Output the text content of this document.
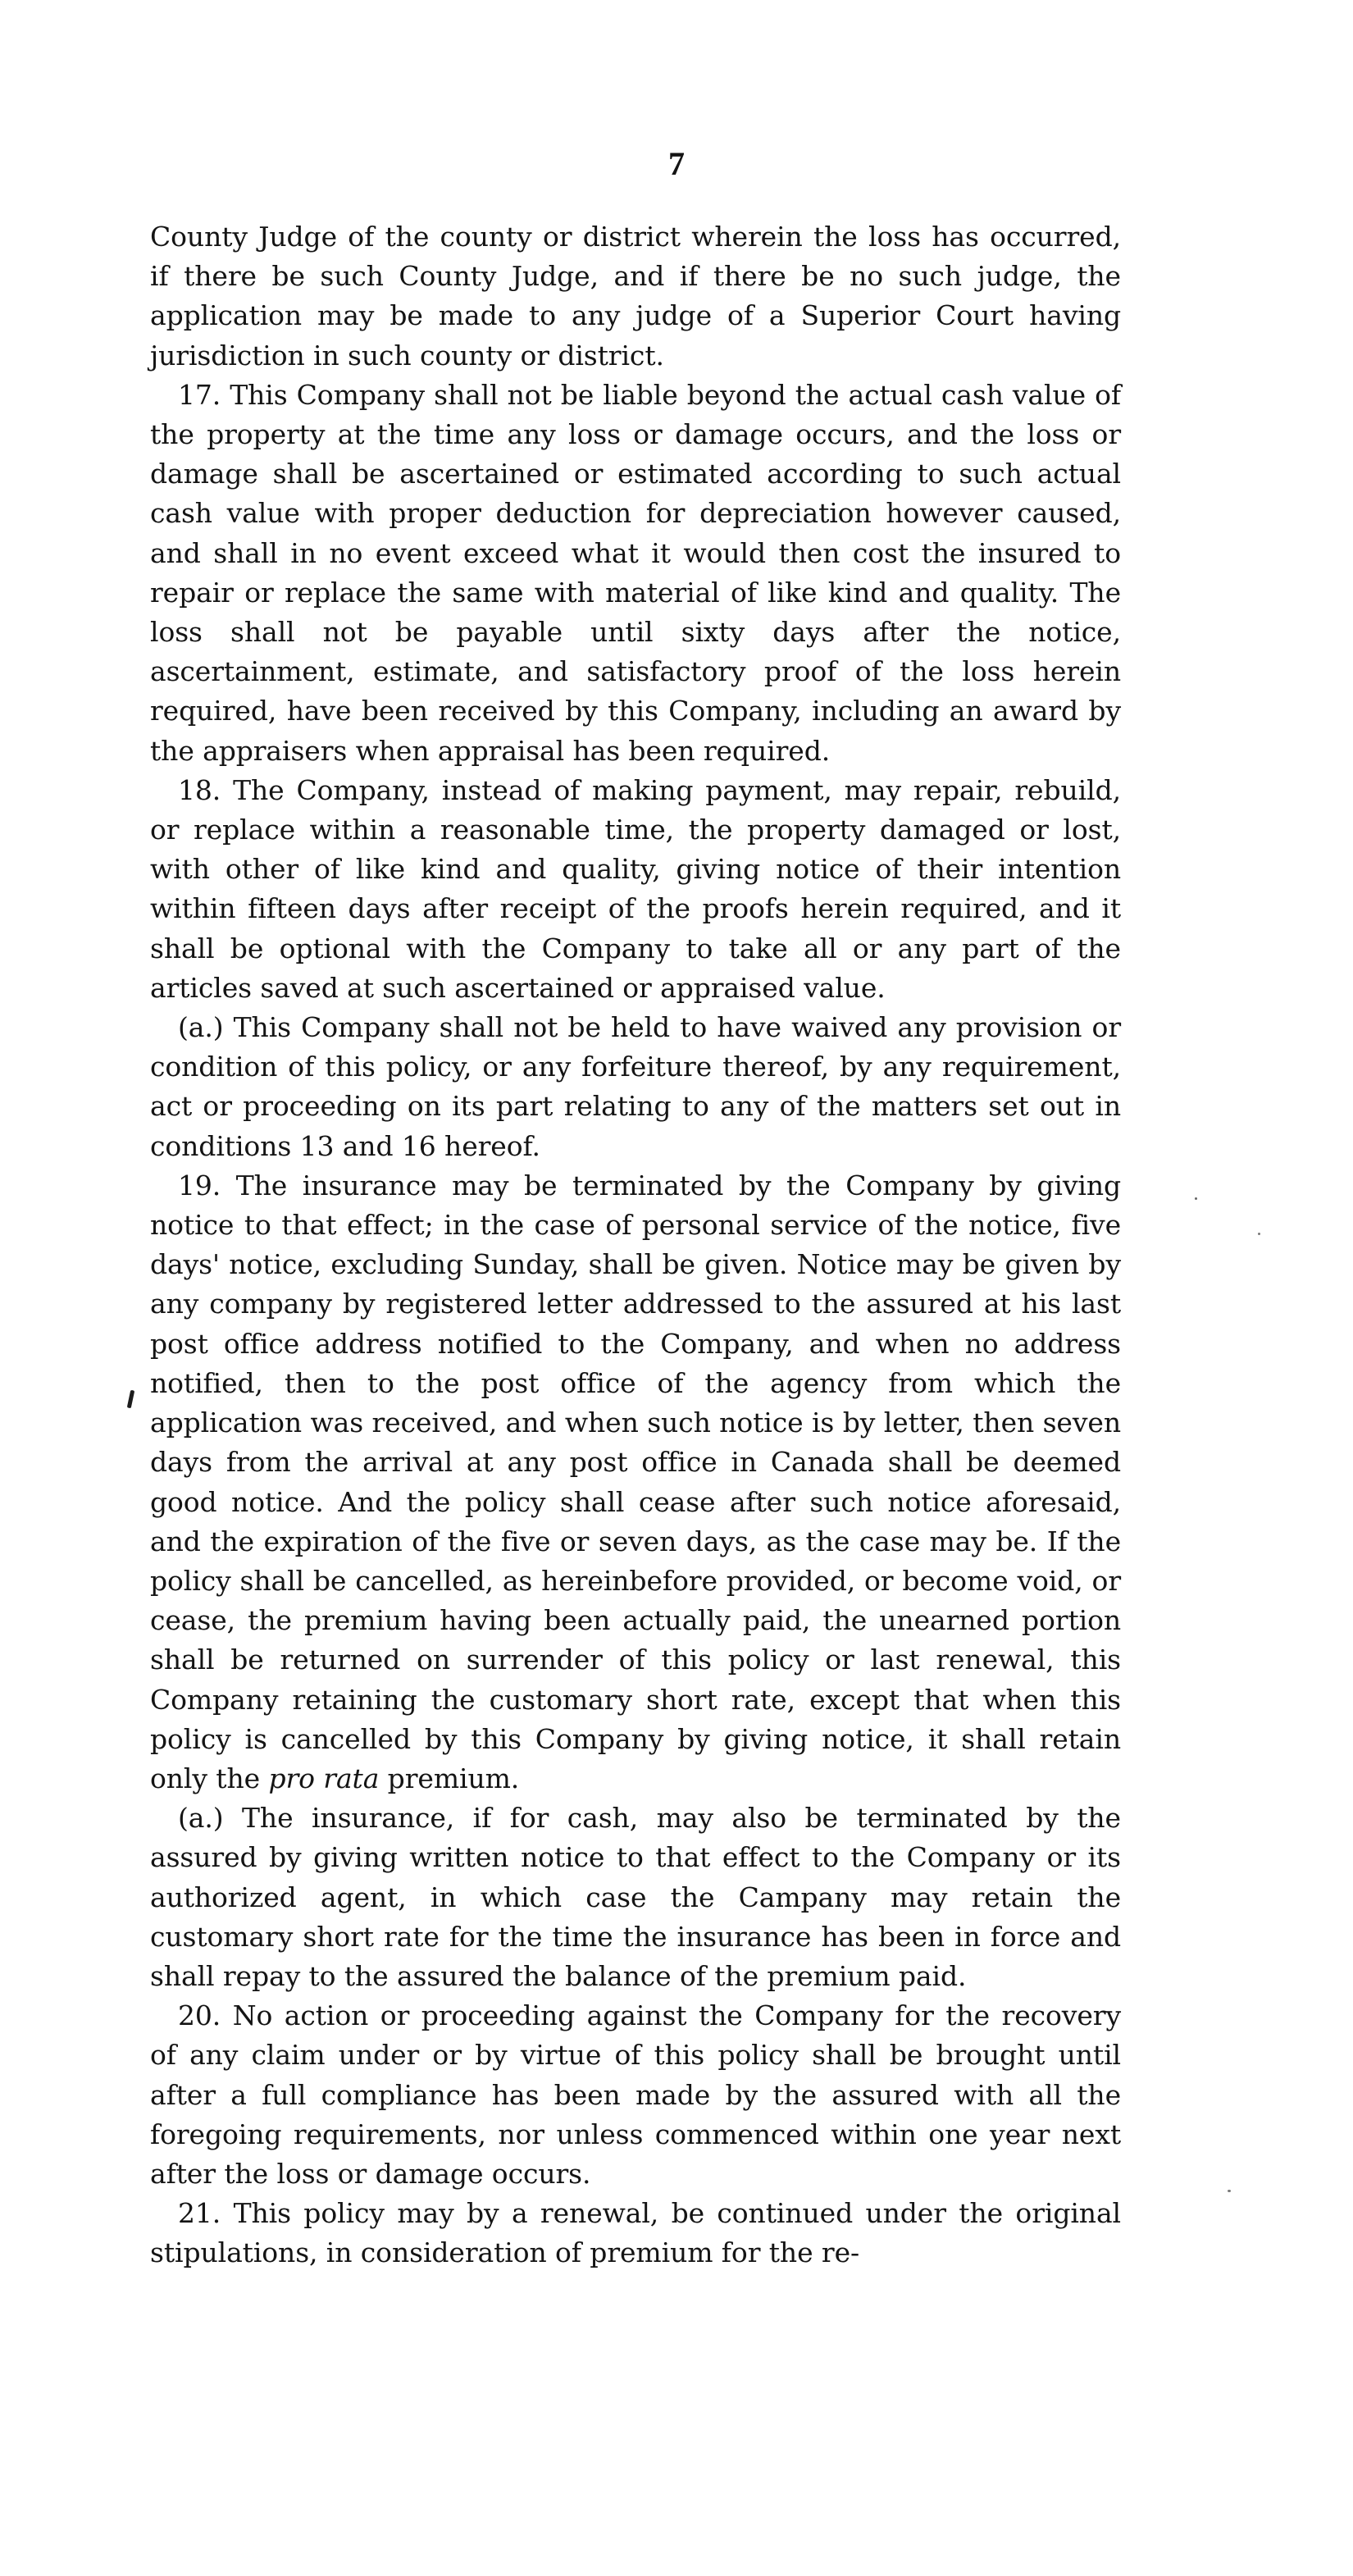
7

County Judge of the county or district wherein the loss has occurred, if there be such County Judge, and if there be no such judge, the application may be made to any judge of a Superior Court having jurisdiction in such county or district.

17. This Company shall not be liable beyond the actual cash value of the property at the time any loss or damage occurs, and the loss or damage shall be ascertained or estimated according to such actual cash value with proper deduction for depreciation however caused, and shall in no event exceed what it would then cost the insured to repair or replace the same with material of like kind and quality. The loss shall not be payable until sixty days after the notice, ascertainment, estimate, and satisfactory proof of the loss herein required, have been received by this Company, including an award by the appraisers when appraisal has been required.

18. The Company, instead of making payment, may repair, rebuild, or replace within a reasonable time, the property damaged or lost, with other of like kind and quality, giving notice of their intention within fifteen days after receipt of the proofs herein required, and it shall be optional with the Company to take all or any part of the articles saved at such ascertained or appraised value.

(a.) This Company shall not be held to have waived any provision or condition of this policy, or any forfeiture thereof, by any requirement, act or proceeding on its part relating to any of the matters set out in conditions 13 and 16 hereof.

19. The insurance may be terminated by the Company by giving notice to that effect; in the case of personal service of the notice, five days' notice, excluding Sunday, shall be given. Notice may be given by any company by registered letter addressed to the assured at his last post office address notified to the Company, and when no address notified, then to the post office of the agency from which the application was received, and when such notice is by letter, then seven days from the arrival at any post office in Canada shall be deemed good notice. And the policy shall cease after such notice aforesaid, and the expiration of the five or seven days, as the case may be. If the policy shall be cancelled, as hereinbefore provided, or become void, or cease, the premium having been actually paid, the unearned portion shall be returned on surrender of this policy or last renewal, this Company retaining the customary short rate, except that when this policy is cancelled by this Company by giving notice, it shall retain only the pro rata premium.

(a.) The insurance, if for cash, may also be terminated by the assured by giving written notice to that effect to the Company or its authorized agent, in which case the Campany may retain the customary short rate for the time the insurance has been in force and shall repay to the assured the balance of the premium paid.

20. No action or proceeding against the Company for the recovery of any claim under or by virtue of this policy shall be brought until after a full compliance has been made by the assured with all the foregoing requirements, nor unless commenced within one year next after the loss or damage occurs.

21. This policy may by a renewal, be continued under the original stipulations, in consideration of premium for the re-
